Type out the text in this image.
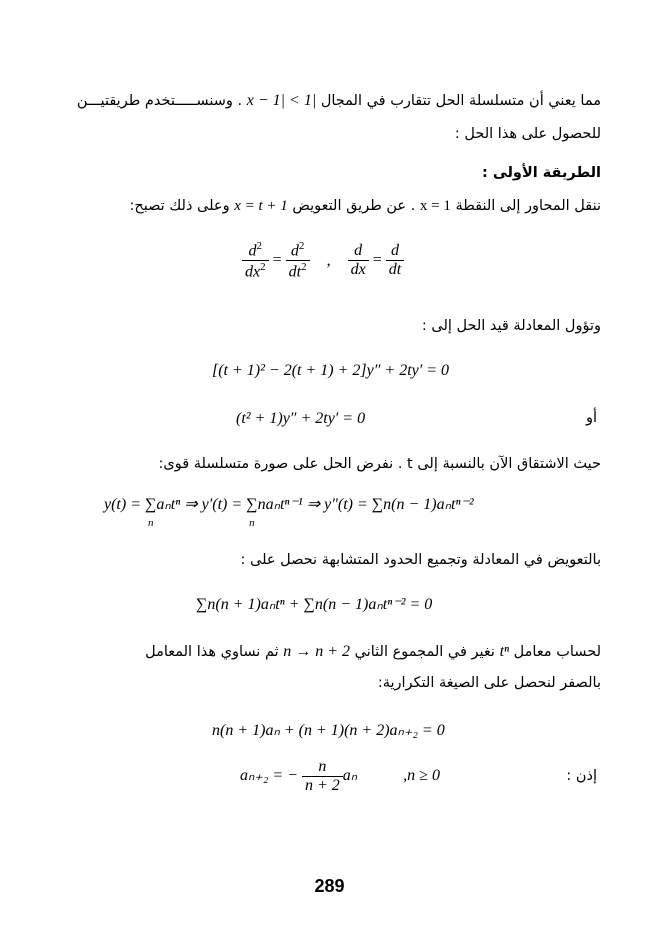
مما يعني أن متسلسلة الحل تتقارب في المجال |x − 1| < 1 . وسنســـــتخدم طريقتيـــن
للحصول على هذا الحل :
الطريقة الأولى :
ننقل المحاور إلى النقطة x = 1 . عن طريق التعويض x = t + 1 وعلى ذلك تصبح:
$\frac{d^2}{dx^2} = \frac{d^2}{dt^2}$ , $\frac{d}{dx} = \frac{d}{dt}$
وتؤول المعادلة قيد الحل إلى :
[(t + 1)² − 2(t + 1) + 2]y″ + 2ty′ = 0
أو
(t² + 1)y″ + 2ty′ = 0
حيث الاشتقاق الآن بالنسبة إلى t . نفرض الحل على صورة متسلسلة قوى:
y(t) = ∑
n
aₙtⁿ ⇒ y′(t) = ∑
n
naₙtⁿ⁻¹ ⇒ y″(t) = ∑n(n − 1)aₙtⁿ⁻²
بالتعويض في المعادلة وتجميع الحدود المتشابهة نحصل على :
∑n(n + 1)aₙtⁿ + ∑n(n − 1)aₙtⁿ⁻² = 0
لحساب معامل tⁿ نغير في المجموع الثاني n → n + 2 ثم نساوي هذا المعامل
بالصفر لنحصل على الصيغة التكرارية:
n(n + 1)aₙ + (n + 1)(n + 2)aₙ₊₂ = 0
إذن :
aₙ₊₂ = − $\frac{n}{n + 2}$ aₙ	,n ≥ 0
289
